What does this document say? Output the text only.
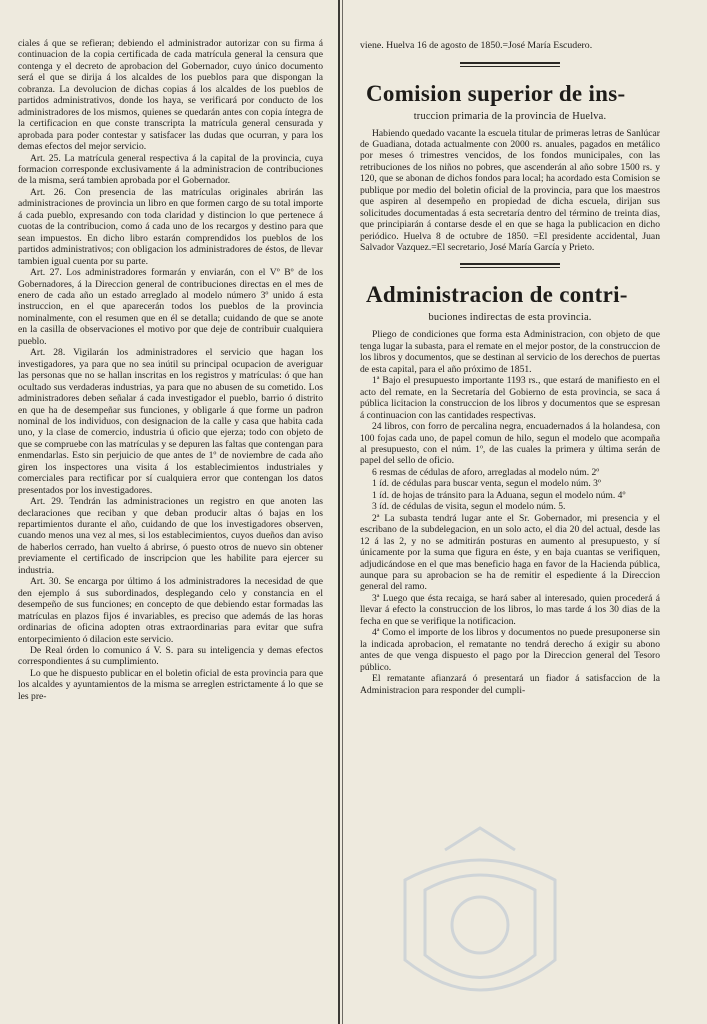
ciales á que se refieran; debiendo el administrador autorizar con su firma á continuacion de la copia certificada de cada matrícula general la censura que contenga y el decreto de aprobacion del Gobernador, cuyo único documento será el que se dirija á los alcaldes de los pueblos para que dispongan la cobranza. La devolucion de dichas copias á los alcaldes de los pueblos de partidos administrativos, donde los haya, se verificará por conducto de los administradores de los mismos, quienes se quedarán antes con copia íntegra de la certificacion en que conste transcripta la matrícula general censurada y aprobada para poder contestar y satisfacer las dudas que ocurran, y para los demas efectos del mejor servicio.

Art. 25. La matrícula general respectiva á la capital de la provincia, cuya formacion corresponde exclusivamente á la administracion de contribuciones de la misma, será tambien aprobada por el Gobernador.

Art. 26. Con presencia de las matrículas originales abrirán las administraciones de provincia un libro en que formen cargo de su total importe á cada pueblo, expresando con toda claridad y distincion lo que pertenece á cuotas de la contribucion, como á cada uno de los recargos y destino para que sean impuestos. En dicho libro estarán comprendidos los pueblos de los partidos administrativos; con obligacion los administradores de éstos, de llevar tambien igual cuenta por su parte.

Art. 27. Los administradores formarán y enviarán, con el Vº Bº de los Gobernadores, á la Direccion general de contribuciones directas en el mes de enero de cada año un estado arreglado al modelo número 3º unido á esta instruccion, en el que aparecerán todos los pueblos de la provincia nominalmente, con el resumen que en él se detalla; cuidando de que se anote en la casilla de observaciones el motivo por que deje de contribuir cualquiera pueblo.

Art. 28. Vigilarán los administradores el servicio que hagan los investigadores, ya para que no sea inútil su principal ocupacion de averiguar las personas que no se hallan inscritas en los registros y matrículas: ó que han ocultado sus verdaderas industrias, ya para que no abusen de su cometido. Los administradores deben señalar á cada investigador el pueblo, barrio ó distrito en que ha de desempeñar sus funciones, y obligarle á que forme un padron nominal de los individuos, con designacion de la calle y casa que habita cada uno, y la clase de comercio, industria ú oficio que ejerza; todo con objeto de que se compruebe con las matrículas y se depuren las faltas que contengan para enmendarlas. Esto sin perjuicio de que antes de 1º de noviembre de cada año giren los inspectores una visita á los establecimientos industriales y comerciales para rectificar por sí cualquiera error que contengan los datos presentados por los investigadores.

Art. 29. Tendrán las administraciones un registro en que anoten las declaraciones que reciban y que deban producir altas ó bajas en los repartimientos durante el año, cuidando de que los investigadores observen, cuando menos una vez al mes, si los establecimientos, cuyos dueños dan aviso de haberlos cerrado, han vuelto á abrirse, ó puesto otros de nuevo sin obtener previamente el certificado de inscripcion que les habilite para ejercer su industria.

Art. 30. Se encarga por último á los administradores la necesidad de que den ejemplo á sus subordinados, desplegando celo y constancia en el desempeño de sus funciones; en concepto de que debiendo estar formadas las matrículas en plazos fijos é invariables, es preciso que además de las horas ordinarias de oficina adopten otras extraordinarias para evitar que sufra entorpecimiento ó dilacion este servicio.

De Real órden lo comunico á V. S. para su inteligencia y demas efectos correspondientes á su cumplimiento.

Lo que he dispuesto publicar en el boletin oficial de esta provincia para que los alcaldes y ayuntamientos de la misma se arreglen estrictamente á lo que se les pre-

viene. Huelva 16 de agosto de 1850.=José María Escudero.

Comision superior de ins-
truccion primaria de la provincia de Huelva.

Habiendo quedado vacante la escuela titular de primeras letras de Sanlúcar de Guadiana, dotada actualmente con 2000 rs. anuales, pagados en metálico por meses ó trimestres vencidos, de los fondos municipales, con las retribuciones de los niños no pobres, que ascenderán al año sobre 1500 rs. y 120, que se abonan de dichos fondos para local; ha acordado esta Comision se publique por medio del boletin oficial de la provincia, para que los maestros que aspiren al desempeño en propiedad de dicha escuela, dirijan sus solicitudes documentadas á esta secretaría dentro del término de treinta dias, que principiarán á contarse desde el en que se haga la publicacion en dicho periódico. Huelva 8 de octubre de 1850. =El presidente accidental, Juan Salvador Vazquez.=El secretario, José María García y Prieto.

Administracion de contri-
buciones indirectas de esta provincia.

Pliego de condiciones que forma esta Administracion, con objeto de que tenga lugar la subasta, para el remate en el mejor postor, de la construccion de los libros y documentos, que se destinan al servicio de los derechos de puertas de esta capital, para el año próximo de 1851.

1ª Bajo el presupuesto importante 1193 rs., que estará de manifiesto en el acto del remate, en la Secretaría del Gobierno de esta provincia, se saca á pública licitacion la construccion de los libros y documentos que se espresan á continuacion con las cantidades respectivas.

24 libros, con forro de percalina negra, encuadernados á la holandesa, con 100 fojas cada uno, de papel comun de hilo, segun el modelo que acompaña al presupuesto, con el núm. 1º, de las cuales la primera y última serán de papel del sello de oficio.

6 resmas de cédulas de aforo, arregladas al modelo núm. 2º

1 íd. de cédulas para buscar venta, segun el modelo núm. 3º

1 íd. de hojas de tránsito para la Aduana, segun el modelo núm. 4º

3 íd. de cédulas de visita, segun el modelo núm. 5.

2ª La subasta tendrá lugar ante el Sr. Gobernador, mi presencia y el escribano de la subdelegacion, en un solo acto, el dia 20 del actual, desde las 12 á las 2, y no se admitirán posturas en aumento al presupuesto, y sí únicamente por la suma que figura en éste, y en baja cuantas se verifiquen, adjudicándose en el que mas beneficio haga en favor de la Hacienda pública, aunque para su aprobacion se ha de remitir el espediente á la Direccion general del ramo.

3ª Luego que ésta recaiga, se hará saber al interesado, quien procederá á llevar á efecto la construccion de los libros, lo mas tarde á los 30 dias de la fecha en que se verifique la notificacion.

4ª Como el importe de los libros y documentos no puede presuponerse sin la indicada aprobacion, el rematante no tendrá derecho á exigir su abono antes de que venga dispuesto el pago por la Direccion general del Tesoro público.

El rematante afianzará ó presentará un fiador á satisfaccion de la Administracion para responder del cumpli-
